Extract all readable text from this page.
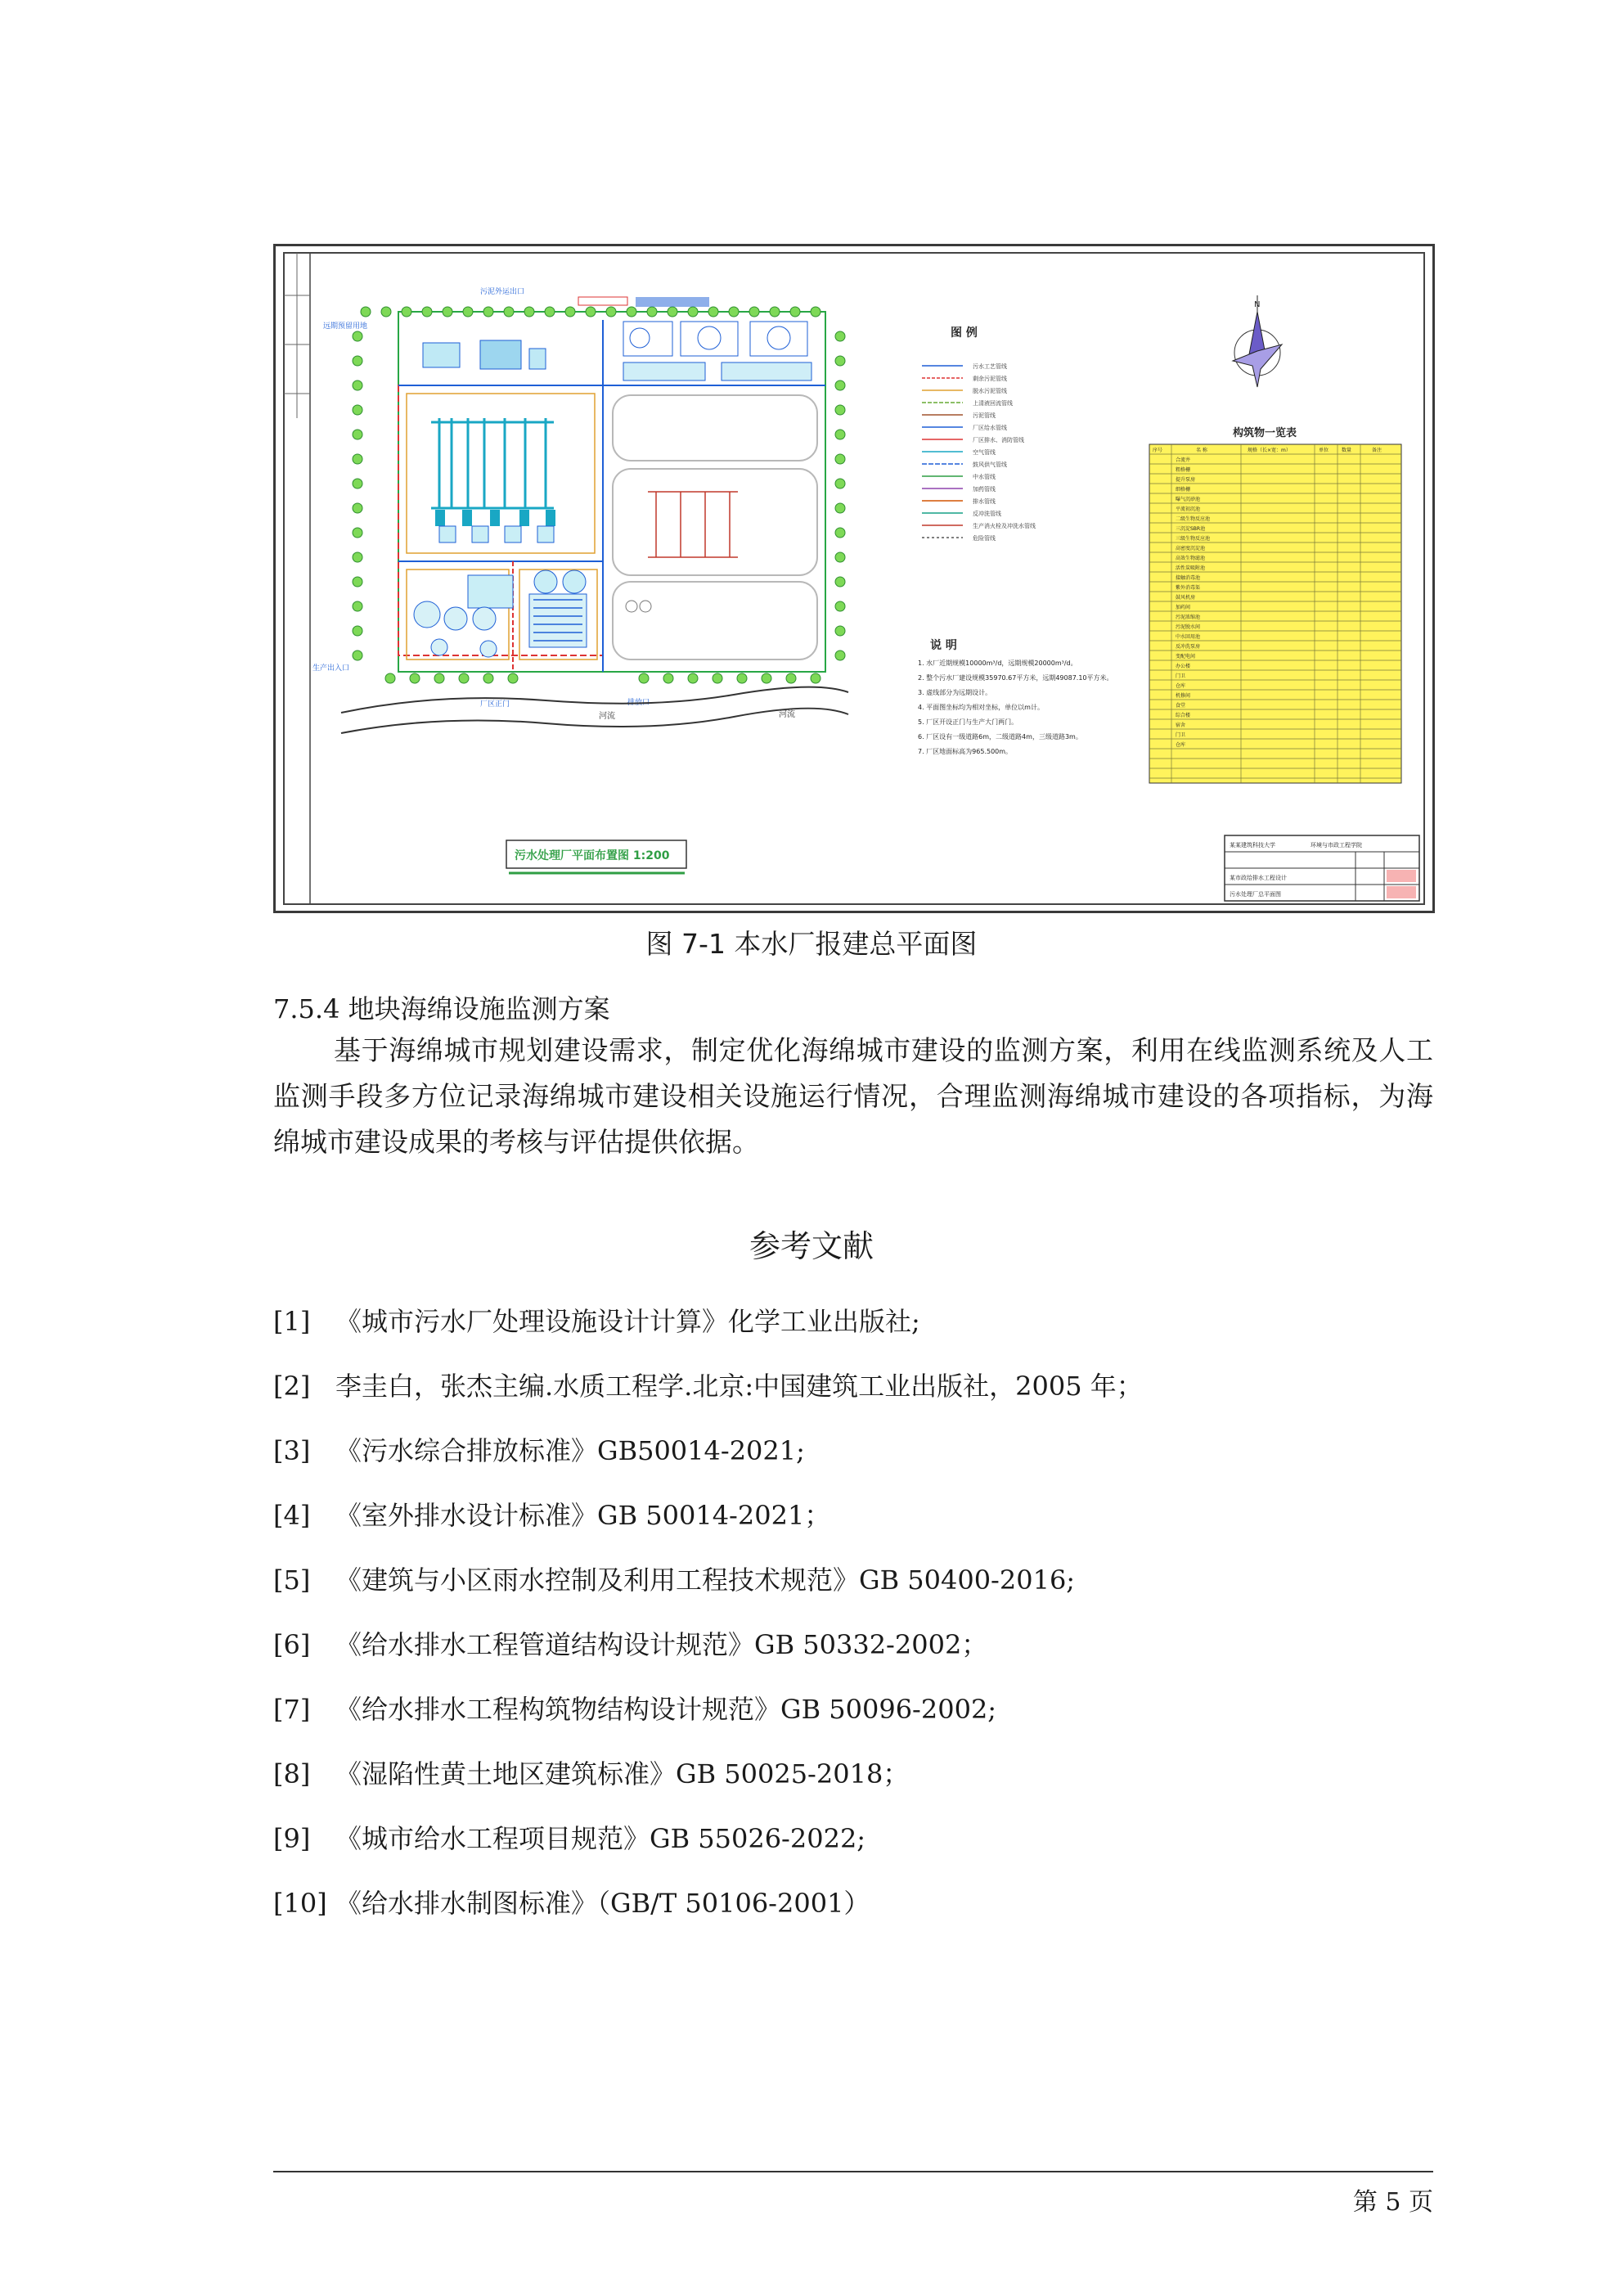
污泥外运出口
远期预留用地
生产出入口
厂区正门	排放口
河流	河流
污水处理厂平面布置图 1:200
图 例
污水工艺管线
剩余污泥管线
脱水污泥管线
上清液回流管线
污泥管线
厂区给水管线
厂区排水、消防管线
空气管线
鼓风供气管线
中水管线
加药管线
排水管线
反冲洗管线
生产消火栓及冲洗水管线
危险管线
说 明
1. 水厂近期规模10000m³/d，远期规模20000m³/d。
2. 整个污水厂建设规模35970.67平方米，远期49087.10平方米。
3. 虚线部分为远期设计。
4. 平面图坐标均为相对坐标，单位以m计。
5. 厂区开设正门与生产大门两门。
6. 厂区设有一级道路6m，二级道路4m，三级道路3m。
7. 厂区地面标高为965.500m。
N
构筑物一览表
序号	名 称	规格（长×宽：m）	单位	数量	备注
合流井
粗格栅
提升泵房
细格栅
曝气沉砂池
平流初沉池
二级生物反应池
三沉淀SBR池
三级生物反应池
高密度沉淀池
高效生物滤池
活性炭吸附池
接触消毒池
紫外消毒渠
鼓风机房
加药间
污泥浓缩池
污泥脱水间
中水回用池
反冲洗泵房
变配电间
办公楼
门卫
仓库
机修间
食堂
综合楼
宿舍
门卫
仓库
某某建筑科技大学	环境与市政工程学院
某市政给排水工程设计
污水处理厂总平面图
图 7-1 本水厂报建总平面图
7.5.4 地块海绵设施监测方案
基于海绵城市规划建设需求，制定优化海绵城市建设的监测方案，利用在线监测系统及人工监测手段多方位记录海绵城市建设相关设施运行情况，合理监测海绵城市建设的各项指标，为海绵城市建设成果的考核与评估提供依据。
参考文献
[1] 《城市污水厂处理设施设计计算》化学工业出版社;
[2] 李圭白，张杰主编.水质工程学.北京:中国建筑工业出版社，2005 年；
[3] 《污水综合排放标准》GB50014-2021;
[4] 《室外排水设计标准》GB 50014-2021；
[5] 《建筑与小区雨水控制及利用工程技术规范》GB 50400-2016;
[6] 《给水排水工程管道结构设计规范》GB 50332-2002；
[7] 《给水排水工程构筑物结构设计规范》GB 50096-2002;
[8] 《湿陷性黄土地区建筑标准》GB 50025-2018；
[9] 《城市给水工程项目规范》GB 55026-2022;
[10] 《给水排水制图标准》（GB/T 50106-2001）
第 5 页
